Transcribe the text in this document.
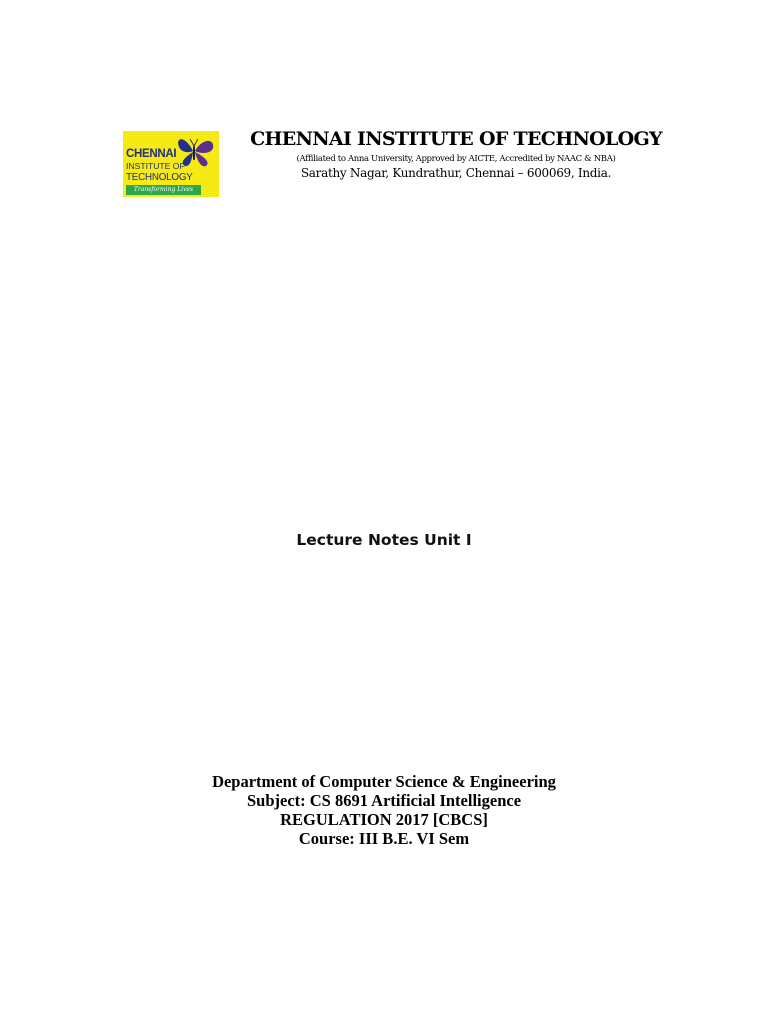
CHENNAI
INSTITUTE OF
TECHNOLOGY
Transforming Lives
CHENNAI INSTITUTE OF TECHNOLOGY
(Affiliated to Anna University, Approved by AICTE, Accredited by NAAC & NBA)
Sarathy Nagar, Kundrathur, Chennai – 600069, India.
Lecture Notes Unit I
Department of Computer Science & Engineering
Subject: CS 8691 Artificial Intelligence
REGULATION 2017 [CBCS]
Course: III B.E. VI Sem
